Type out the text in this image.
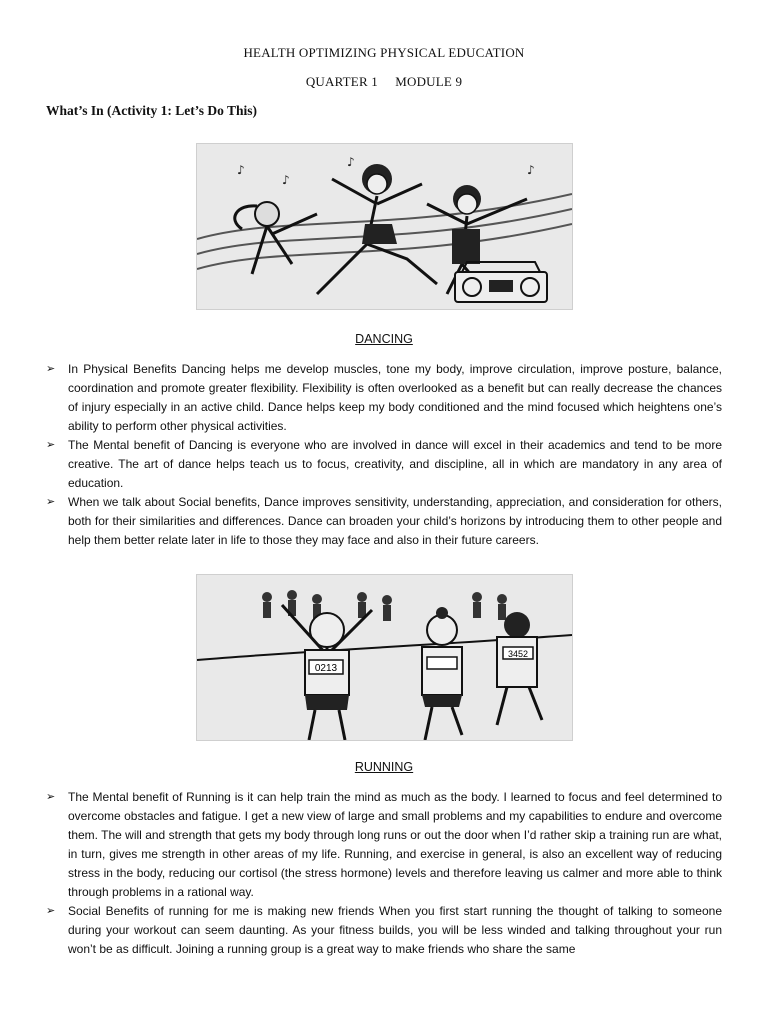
HEALTH OPTIMIZING PHYSICAL EDUCATION
QUARTER 1     MODULE 9
What’s In (Activity 1: Let’s Do This)
♪
♪
♪
♪
DANCING
➢ In Physical Benefits Dancing helps me develop muscles, tone my body, improve circulation, improve posture, balance, coordination and promote greater flexibility. Flexibility is often overlooked as a benefit but can really decrease the chances of injury especially in an active child. Dance helps keep my body conditioned and the mind focused which heightens one’s ability to perform other physical activities.
➢ The Mental benefit of Dancing is everyone who are involved in dance will excel in their academics and tend to be more creative. The art of dance helps teach us to focus, creativity, and discipline, all in which are mandatory in any area of education.
➢ When we talk about Social benefits, Dance improves sensitivity, understanding, appreciation, and consideration for others, both for their similarities and differences. Dance can broaden your child’s horizons by introducing them to other people and help them better relate later in life to those they may face and also in their future careers.
0213
3452
RUNNING
➢ The Mental benefit of Running is it can help train the mind as much as the body. I learned to focus and feel determined to overcome obstacles and fatigue. I get a new view of large and small problems and my capabilities to endure and overcome them. The will and strength that gets my body through long runs or out the door when I’d rather skip a training run are what, in turn, gives me strength in other areas of my life. Running, and exercise in general, is also an excellent way of reducing stress in the body, reducing our cortisol (the stress hormone) levels and therefore leaving us calmer and more able to think through problems in a rational way.
➢ Social Benefits of running for me is making new friends When you first start running the thought of talking to someone during your workout can seem daunting. As your fitness builds, you will be less winded and talking throughout your run won’t be as difficult. Joining a running group is a great way to make friends who share the same
